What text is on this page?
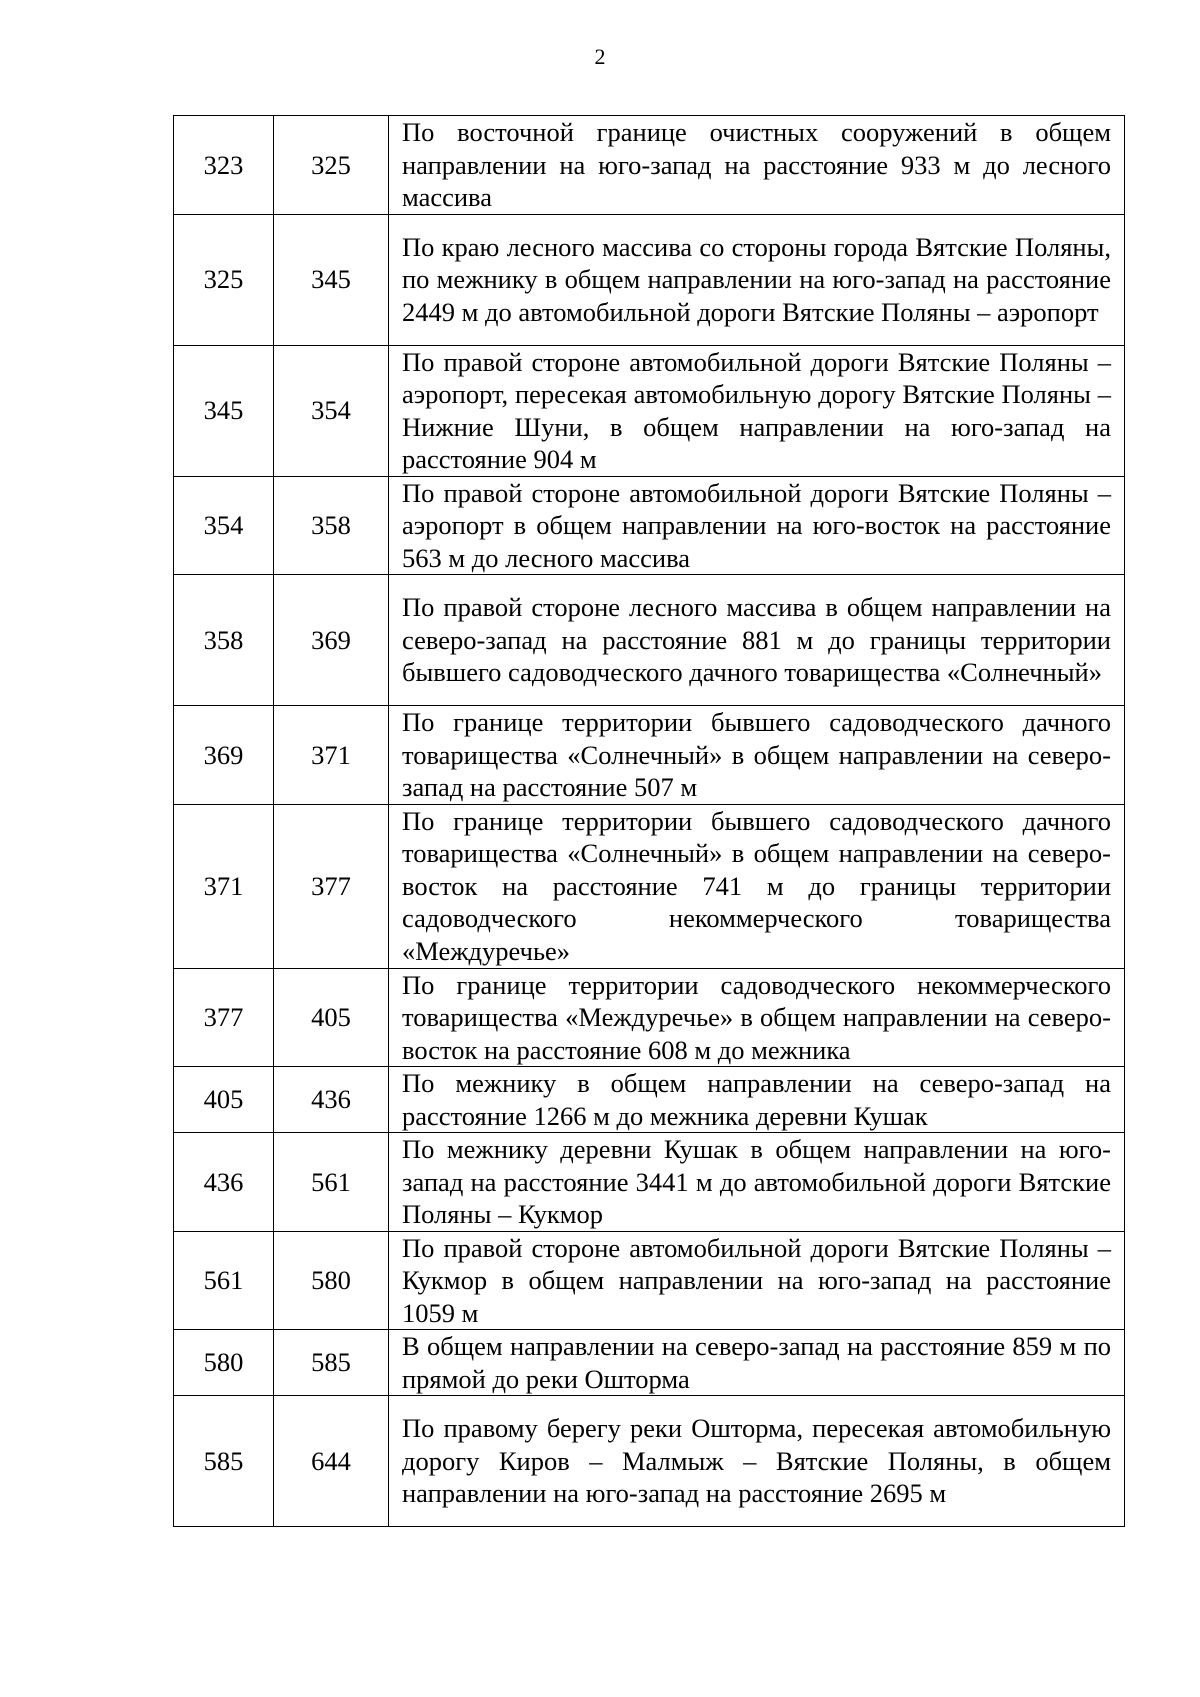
2
323	325	По восточной границе очистных сооружений в общем направлении на юго-запад на расстояние 933 м до лесного массива
325	345	По краю лесного массива со стороны города Вятские Поляны, по межнику в общем направлении на юго-запад на расстояние 2449 м до автомобильной дороги Вятские Поляны – аэропорт
345	354	По правой стороне автомобильной дороги Вятские Поляны – аэропорт, пересекая автомобильную дорогу Вятские Поляны – Нижние Шуни, в общем направлении на юго-запад на расстояние 904 м
354	358	По правой стороне автомобильной дороги Вятские Поляны – аэропорт в общем направлении на юго-восток на расстояние 563 м до лесного массива
358	369	По правой стороне лесного массива в общем направлении на северо-запад на расстояние 881 м до границы территории бывшего садоводческого дачного товарищества «Солнечный»
369	371	По границе территории бывшего садоводческого дачного товарищества «Солнечный» в общем направлении на северо-запад на расстояние 507 м
371	377	По границе территории бывшего садоводческого дачного товарищества «Солнечный» в общем направлении на северо-восток на расстояние 741 м до границы территории садоводческого некоммерческого товарищества «Междуречье»
377	405	По границе территории садоводческого некоммерческого товарищества «Междуречье» в общем направлении на северо-восток на расстояние 608 м до межника
405	436	По межнику в общем направлении на северо-запад на расстояние 1266 м до межника деревни Кушак
436	561	По межнику деревни Кушак в общем направлении на юго-запад на расстояние 3441 м до автомобильной дороги Вятские Поляны – Кукмор
561	580	По правой стороне автомобильной дороги Вятские Поляны – Кукмор в общем направлении на юго-запад на расстояние 1059 м
580	585	В общем направлении на северо-запад на расстояние 859 м по прямой до реки Ошторма
585	644	По правому берегу реки Ошторма, пересекая автомобильную дорогу Киров – Малмыж – Вятские Поляны, в общем направлении на юго-запад на расстояние 2695 м
